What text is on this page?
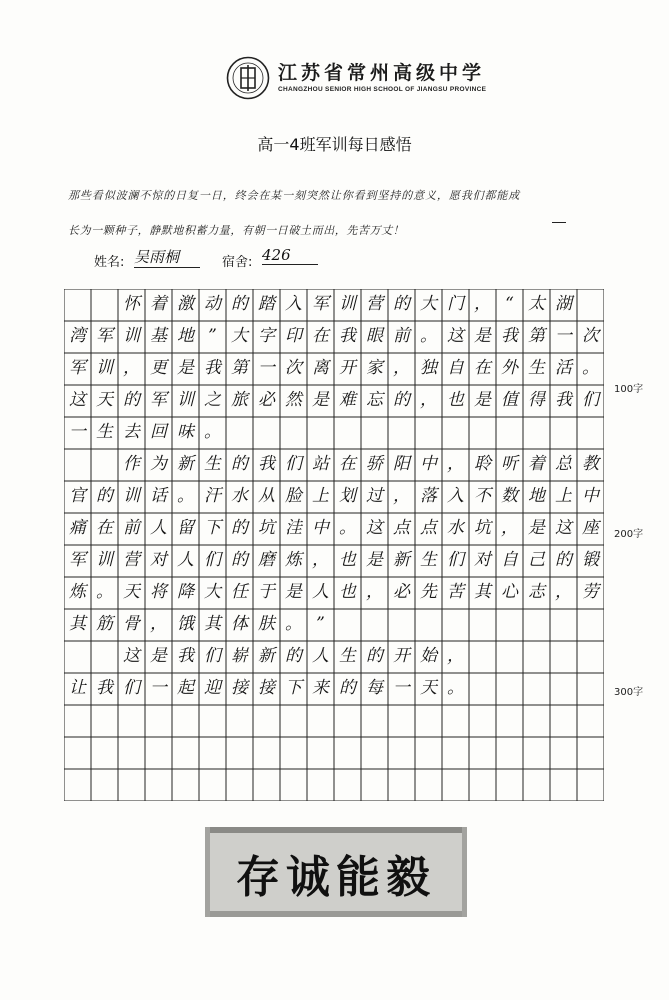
江苏省常州高级中学
CHANGZHOU SENIOR HIGH SCHOOL OF JIANGSU PROVINCE
高一4班军训每日感悟
那些看似波澜不惊的日复一日，终会在某一刻突然让你看到坚持的意义，愿我们都能成
长为一颗种子，静默地积蓄力量，有朝一日破土而出，先苦万丈！
姓名: 吴雨桐	宿舍: 426
怀 着 激 动 的 踏 入 军 训 营 的 大 门 ， “ 太 湖
湾 军 训 基 地 ” 大 字 印 在 我 眼 前 。 这 是 我 第 一 次
军 训 ， 更 是 我 第 一 次 离 开 家 ， 独 自 在 外 生 活 。
这 天 的 军 训 之 旅 必 然 是 难 忘 的 ， 也 是 值 得 我 们
一 生 去 回 味 。
作 为 新 生 的 我 们 站 在 骄 阳 中 ， 聆 听 着 总 教
官 的 训 话 。 汗 水 从 脸 上 划 过 ， 落 入 不 数 地 上 中
痛 在 前 人 留 下 的 坑 洼 中 。 这 点 点 水 坑 ， 是 这 座
军 训 营 对 人 们 的 磨 炼 ， 也 是 新 生 们 对 自 己 的 锻
炼 。 天 将 降 大 任 于 是 人 也 ， 必 先 苦 其 心 志 ， 劳
其 筋 骨 ， 饿 其 体 肤 。 ”
这 是 我 们 崭 新 的 人 生 的 开 始 ，
让 我 们 一 起 迎 接 接 下 来 的 每 一 天 。
100字
200字
300字
存诚能毅
